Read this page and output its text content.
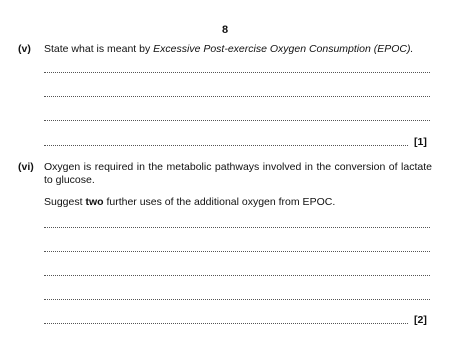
8
(v) State what is meant by Excessive Post-exercise Oxygen Consumption (EPOC).
[1]
(vi) Oxygen is required in the metabolic pathways involved in the conversion of lactate to glucose.
Suggest two further uses of the additional oxygen from EPOC.
[2]
